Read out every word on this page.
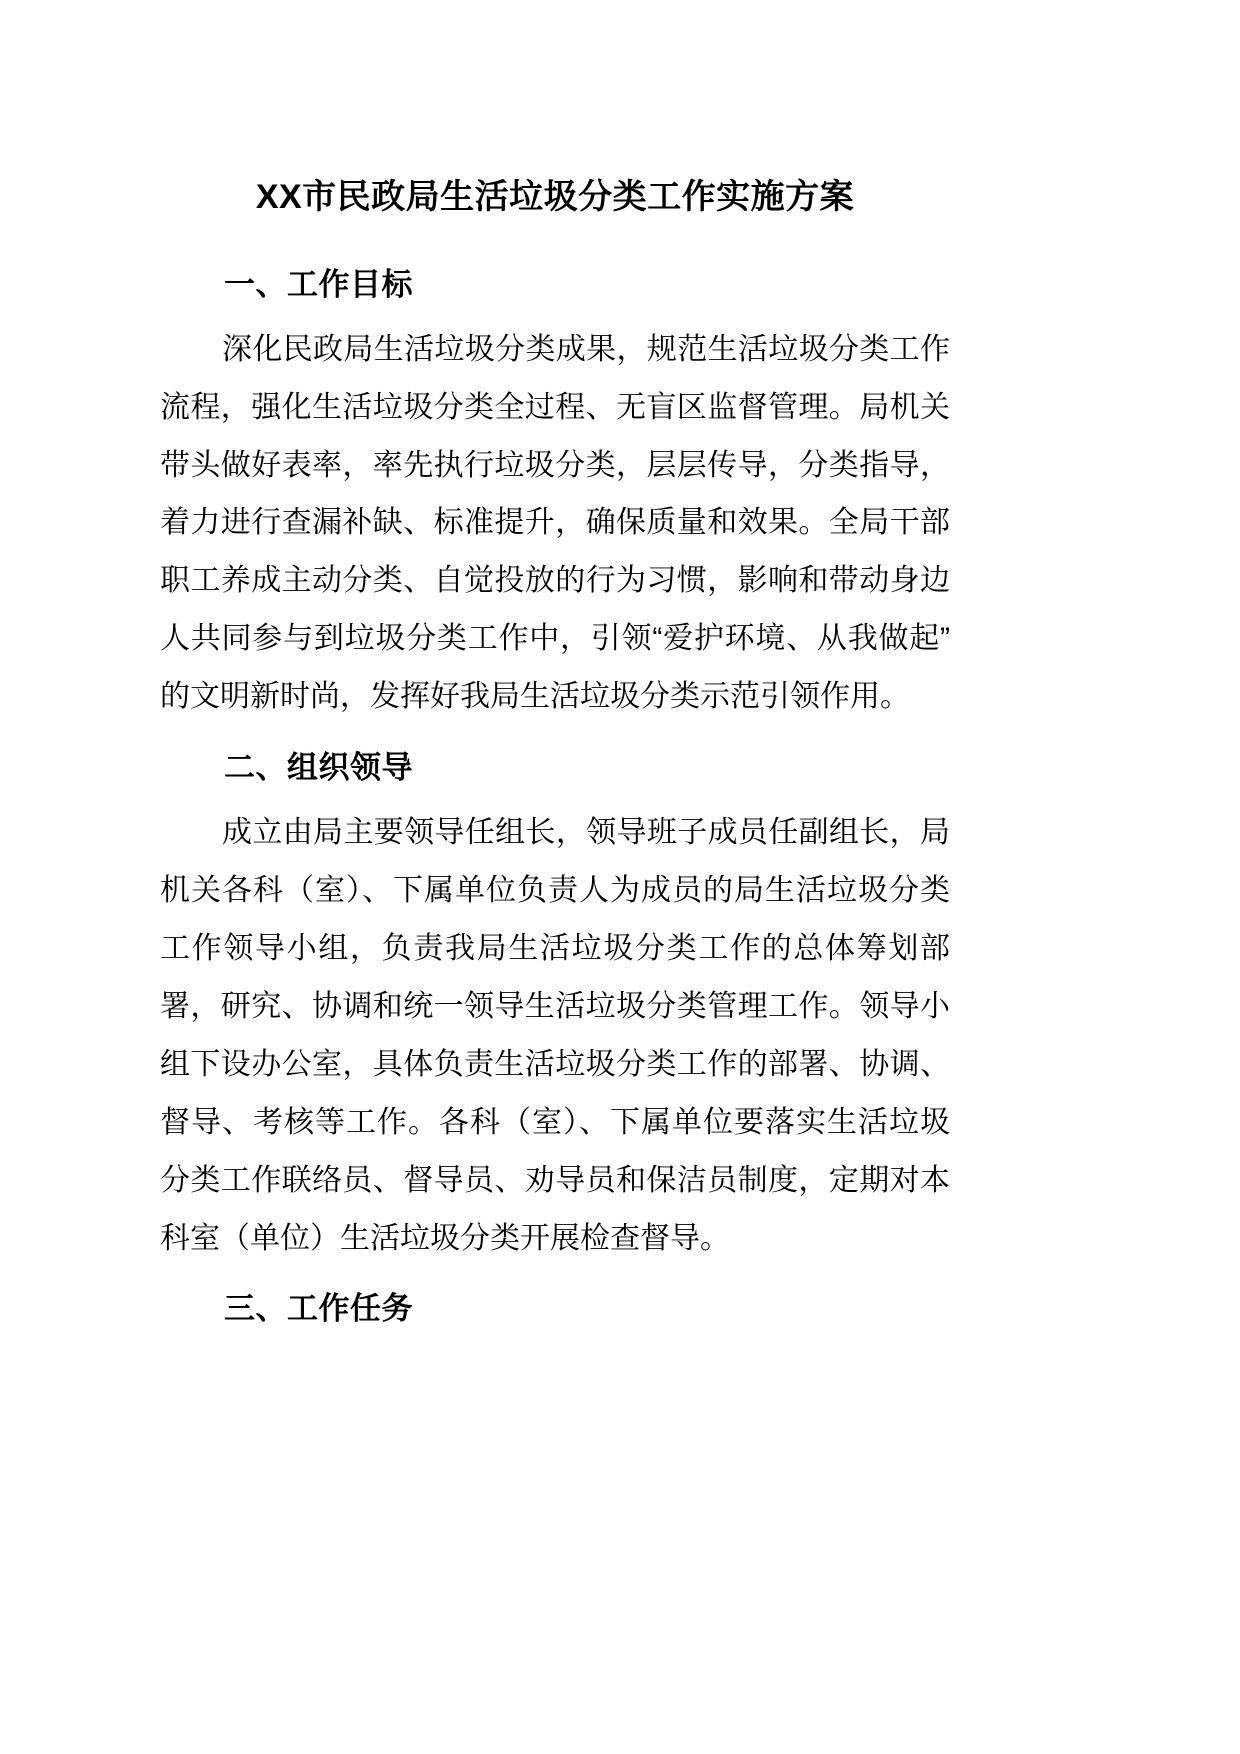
XX市民政局生活垃圾分类工作实施方案
一、工作目标

深化民政局生活垃圾分类成果，规范生活垃圾分类工作流程，强化生活垃圾分类全过程、无盲区监督管理。局机关带头做好表率，率先执行垃圾分类，层层传导，分类指导，着力进行查漏补缺、标准提升，确保质量和效果。全局干部职工养成主动分类、自觉投放的行为习惯，影响和带动身边人共同参与到垃圾分类工作中，引领“爱护环境、从我做起”的文明新时尚，发挥好我局生活垃圾分类示范引领作用。

二、组织领导

成立由局主要领导任组长，领导班子成员任副组长，局机关各科（室）、下属单位负责人为成员的局生活垃圾分类工作领导小组，负责我局生活垃圾分类工作的总体筹划部署，研究、协调和统一领导生活垃圾分类管理工作。领导小组下设办公室，具体负责生活垃圾分类工作的部署、协调、督导、考核等工作。各科（室）、下属单位要落实生活垃圾分类工作联络员、督导员、劝导员和保洁员制度，定期对本科室（单位）生活垃圾分类开展检查督导。

三、工作任务
